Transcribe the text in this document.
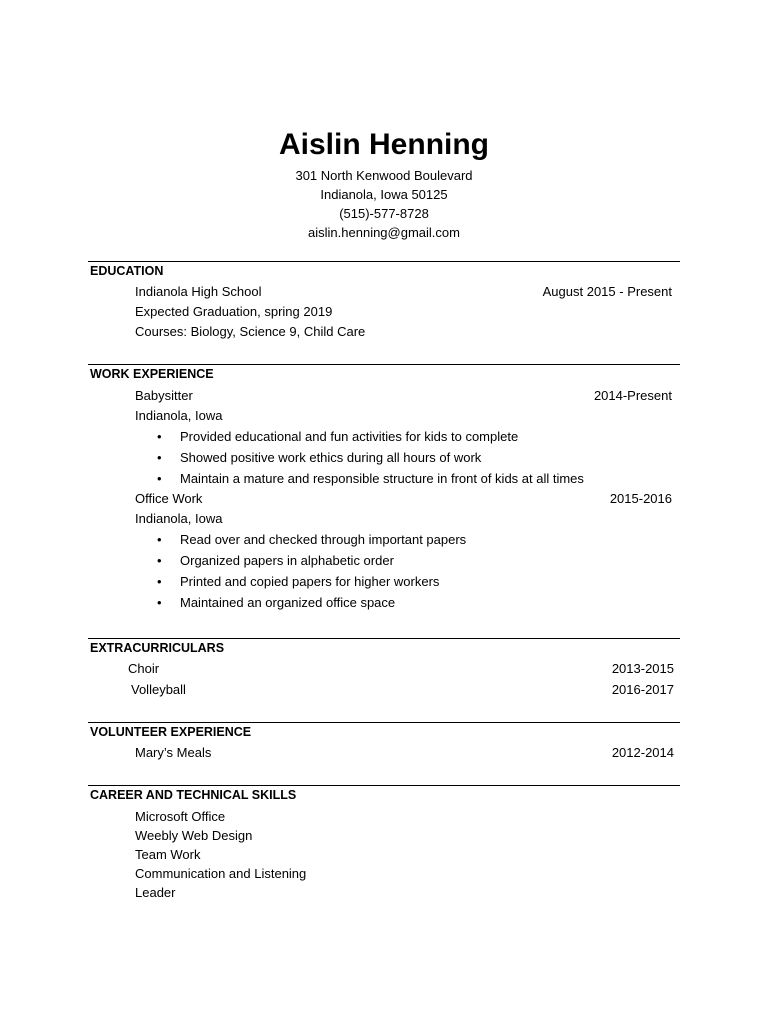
Aislin Henning
301 North Kenwood Boulevard
Indianola, Iowa 50125
(515)-577-8728
aislin.henning@gmail.com
EDUCATION
Indianola High School	August 2015 - Present
Expected Graduation, spring 2019
Courses: Biology, Science 9, Child Care
WORK EXPERIENCE
Babysitter	2014-Present
Indianola, Iowa
• Provided educational and fun activities for kids to complete
• Showed positive work ethics during all hours of work
• Maintain a mature and responsible structure in front of kids at all times
Office Work	2015-2016
Indianola, Iowa
• Read over and checked through important papers
• Organized papers in alphabetic order
• Printed and copied papers for higher workers
• Maintained an organized office space
EXTRACURRICULARS
Choir	2013-2015
Volleyball	2016-2017
VOLUNTEER EXPERIENCE
Mary’s Meals	2012-2014
CAREER AND TECHNICAL SKILLS
Microsoft Office
Weebly Web Design
Team Work
Communication and Listening
Leader
